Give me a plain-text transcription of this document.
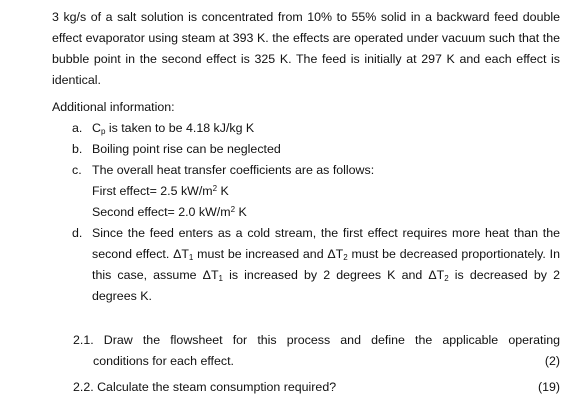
3 kg/s of a salt solution is concentrated from 10% to 55% solid in a backward feed double effect evaporator using steam at 393 K. the effects are operated under vacuum such that the bubble point in the second effect is 325 K. The feed is initially at 297 K and each effect is identical.
Additional information:
a. $C_p$ is taken to be 4.18 kJ/kg K
b. Boiling point rise can be neglected
c. The overall heat transfer coefficients are as follows:
First effect= 2.5 $kW/m^2$ K
Second effect= 2.0 $kW/m^2$ K
d. Since the feed enters as a cold stream, the first effect requires more heat than the second effect. $\Delta T_1$ must be increased and $\Delta T_2$ must be decreased proportionately. In this case, assume $\Delta T_1$ is increased by 2 degrees K and $\Delta T_2$ is decreased by 2 degrees K.
2.1. Draw the flowsheet for this process and define the applicable operating
conditions for each effect.	(2)
2.2. Calculate the steam consumption required?	(19)
